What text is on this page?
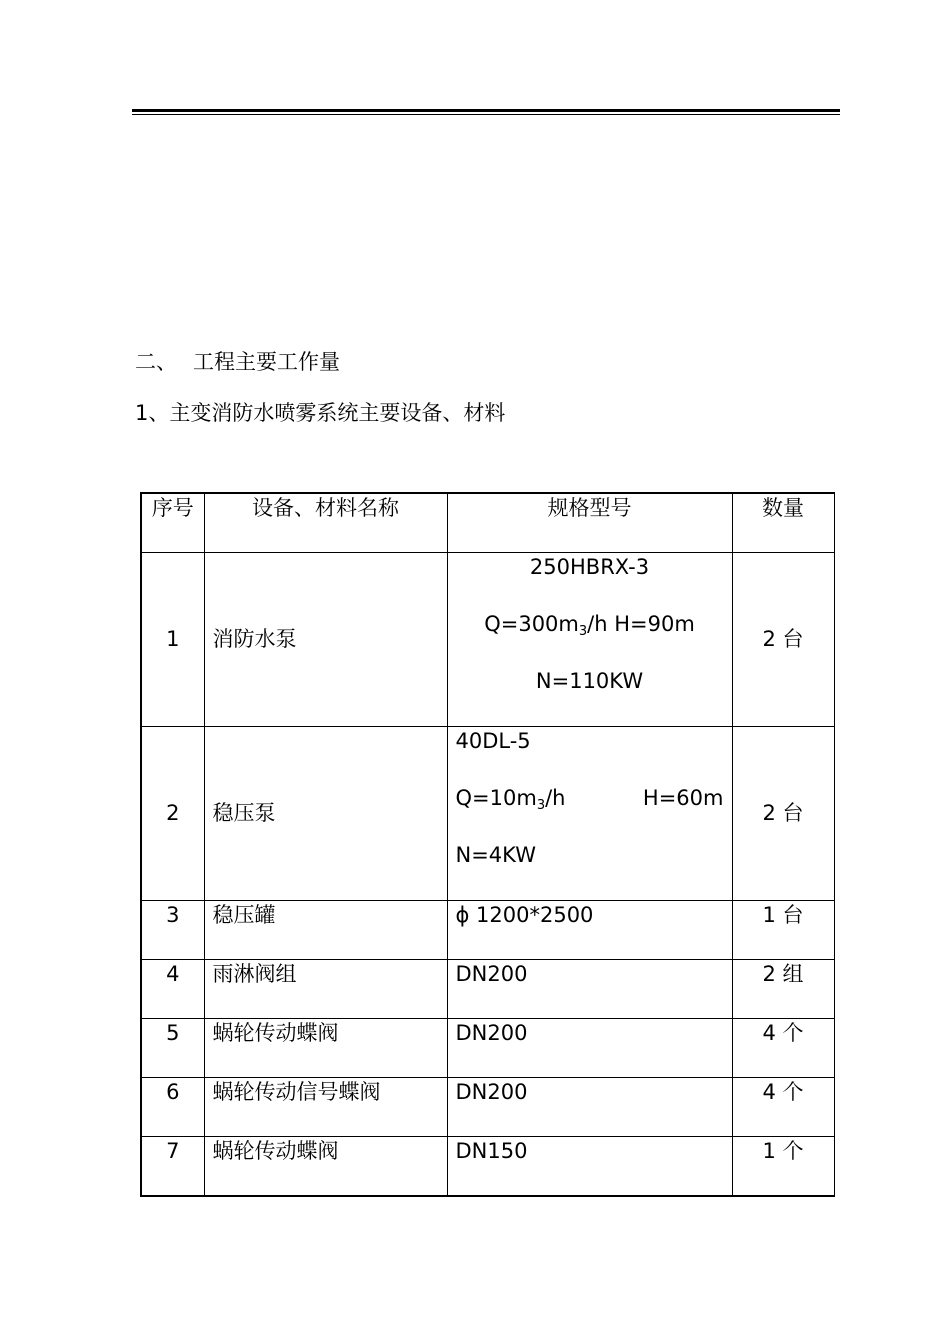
二、 工程主要工作量
1、主变消防水喷雾系统主要设备、材料
序号	设备、材料名称	规格型号	数量
1	消防水泵	250HBRX-3
$Q=300m_3/h$ H=90m
N=110KW	2 台
2	稳压泵	40DL-5
$Q=10m_3/h$ H=60m
N=4KW	2 台
3	稳压罐	ϕ 1200*2500	1 台
4	雨淋阀组	DN200	2 组
5	蜗轮传动蝶阀	DN200	4 个
6	蜗轮传动信号蝶阀	DN200	4 个
7	蜗轮传动蝶阀	DN150	1 个
